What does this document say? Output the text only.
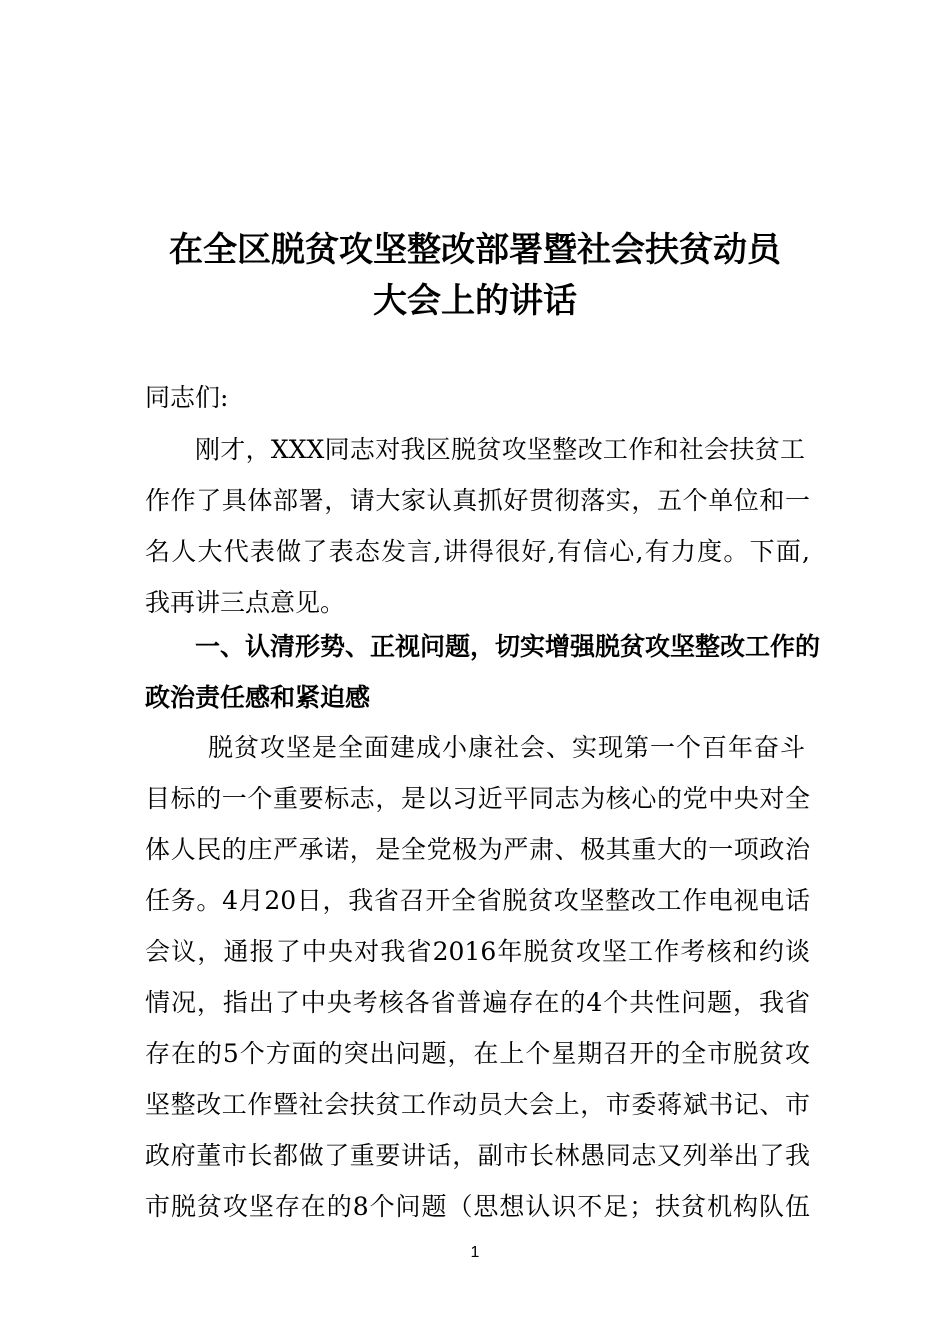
在全区脱贫攻坚整改部署暨社会扶贫动员
大会上的讲话
同志们:
刚才，XXX同志对我区脱贫攻坚整改工作和社会扶贫工
作作了具体部署，请大家认真抓好贯彻落实，五个单位和一
名人大代表做了表态发言,讲得很好,有信心,有力度。下面,
我再讲三点意见。
一、认清形势、正视问题，切实增强脱贫攻坚整改工作的
政治责任感和紧迫感
脱贫攻坚是全面建成小康社会、实现第一个百年奋斗
目标的一个重要标志，是以习近平同志为核心的党中央对全
体人民的庄严承诺，是全党极为严肃、极其重大的一项政治
任务。4月20日，我省召开全省脱贫攻坚整改工作电视电话
会议，通报了中央对我省2016年脱贫攻坚工作考核和约谈
情况，指出了中央考核各省普遍存在的4个共性问题，我省
存在的5个方面的突出问题，在上个星期召开的全市脱贫攻
坚整改工作暨社会扶贫工作动员大会上，市委蒋斌书记、市
政府董市长都做了重要讲话，副市长林愚同志又列举出了我
市脱贫攻坚存在的8个问题（思想认识不足；扶贫机构队伍
1
